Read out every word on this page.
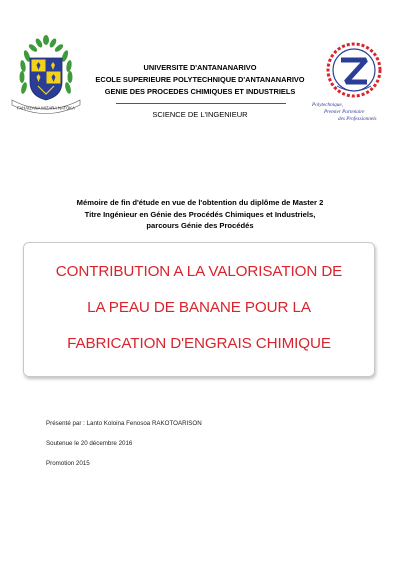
FAHAIZANA MIZARA NATOKA	Polytechnique,
Premier Partenaire
des Professionnels
UNIVERSITE D'ANTANANARIVO
ECOLE SUPERIEURE POLYTECHNIQUE D'ANTANANARIVO
GENIE DES PROCEDES CHIMIQUES ET INDUSTRIELS
SCIENCE DE L'INGENIEUR
Mémoire de fin d'étude en vue de l'obtention du diplôme de Master 2
Titre Ingénieur en Génie des Procédés Chimiques et Industriels,
parcours Génie des Procédés
CONTRIBUTION A LA VALORISATION DE
LA PEAU DE BANANE POUR LA
FABRICATION D'ENGRAIS CHIMIQUE
Présenté par : Lanto Koloina Fenosoa RAKOTOARISON
Soutenue le 20 décembre 2016
Promotion 2015
